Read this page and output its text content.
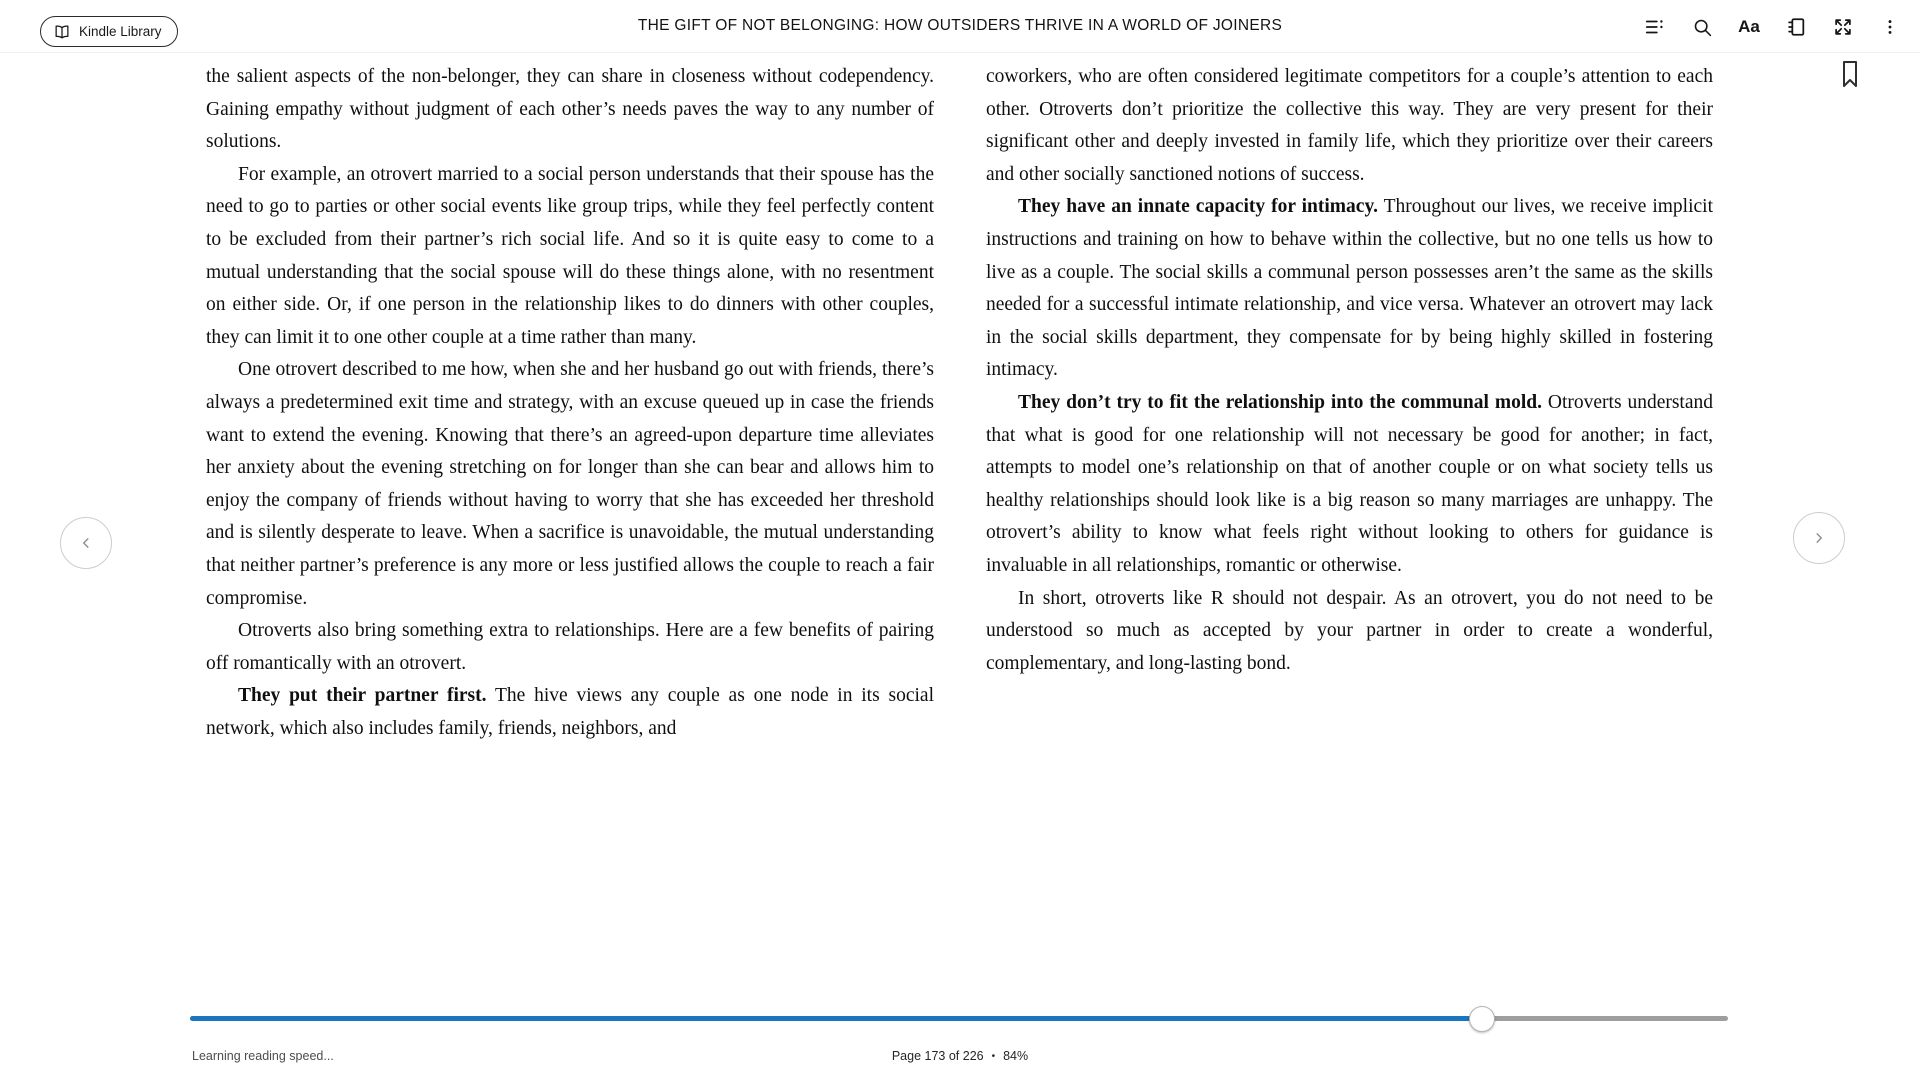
Kindle Library	THE GIFT OF NOT BELONGING: HOW OUTSIDERS THRIVE IN A WORLD OF JOINERS	Aa

the salient aspects of the non-belonger, they can share in closeness without codependency. Gaining empathy without judgment of each other’s needs paves the way to any number of solutions.

For example, an otrovert married to a social person understands that their spouse has the need to go to parties or other social events like group trips, while they feel perfectly content to be excluded from their partner’s rich social life. And so it is quite easy to come to a mutual understanding that the social spouse will do these things alone, with no resentment on either side. Or, if one person in the relationship likes to do dinners with other couples, they can limit it to one other couple at a time rather than many.

One otrovert described to me how, when she and her husband go out with friends, there’s always a predetermined exit time and strategy, with an excuse queued up in case the friends want to extend the evening. Knowing that there’s an agreed-upon departure time alleviates her anxiety about the evening stretching on for longer than she can bear and allows him to enjoy the company of friends without having to worry that she has exceeded her threshold and is silently desperate to leave. When a sacrifice is unavoidable, the mutual understanding that neither partner’s preference is any more or less justified allows the couple to reach a fair compromise.

Otroverts also bring something extra to relationships. Here are a few benefits of pairing off romantically with an otrovert.

They put their partner first. The hive views any couple as one node in its social network, which also includes family, friends, neighbors, and

coworkers, who are often considered legitimate competitors for a couple’s attention to each other. Otroverts don’t prioritize the collective this way. They are very present for their significant other and deeply invested in family life, which they prioritize over their careers and other socially sanctioned notions of success.

They have an innate capacity for intimacy. Throughout our lives, we receive implicit instructions and training on how to behave within the collective, but no one tells us how to live as a couple. The social skills a communal person possesses aren’t the same as the skills needed for a successful intimate relationship, and vice versa. Whatever an otrovert may lack in the social skills department, they compensate for by being highly skilled in fostering intimacy.

They don’t try to fit the relationship into the communal mold. Otroverts understand that what is good for one relationship will not necessary be good for another; in fact, attempts to model one’s relationship on that of another couple or on what society tells us healthy relationships should look like is a big reason so many marriages are unhappy. The otrovert’s ability to know what feels right without looking to others for guidance is invaluable in all relationships, romantic or otherwise.

In short, otroverts like R should not despair. As an otrovert, you do not need to be understood so much as accepted by your partner in order to create a wonderful, complementary, and long-lasting bond.

Learning reading speed...	Page 173 of 226 • 84%
